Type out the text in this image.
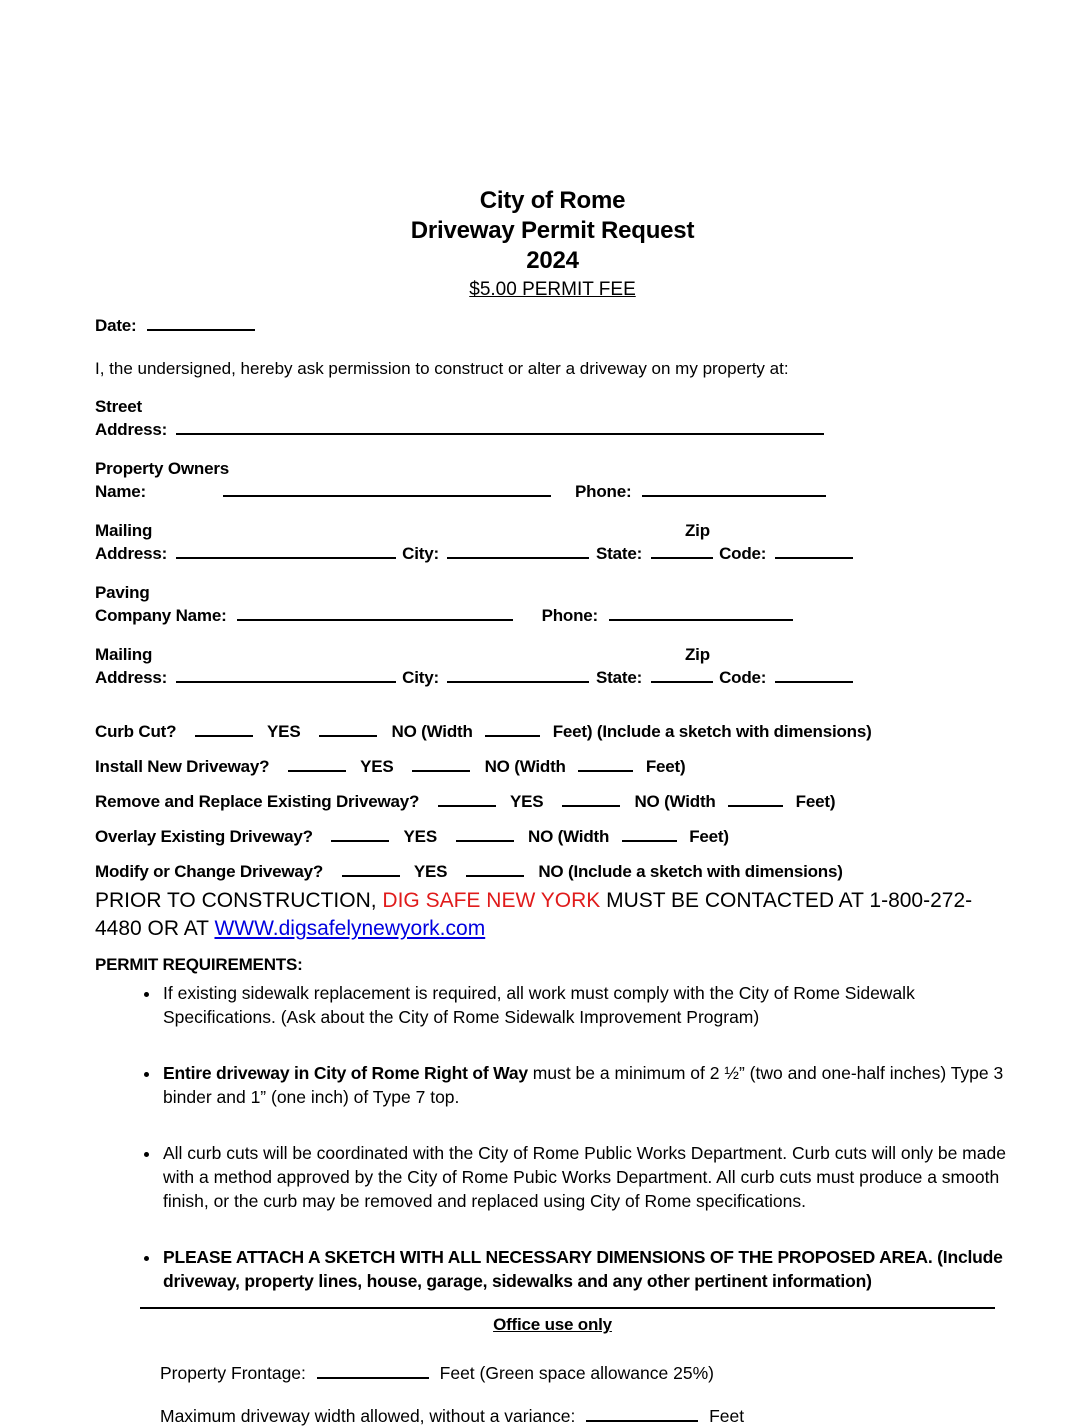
City of Rome
Driveway Permit Request
2024
$5.00 PERMIT FEE

Date:

I, the undersigned, hereby ask permission to construct or alter a driveway on my property at:

Street
Address:
Property Owners
Name:	Phone:
Mailing	Zip
Address:	City:	State:	Code:
Paving
Company Name:	Phone:
Mailing	Zip
Address:	City:	State:	Code:

Curb Cut?	YES	NO (Width	Feet) (Include a sketch with dimensions)

Install New Driveway?	YES	NO (Width	Feet)

Remove and Replace Existing Driveway?	YES	NO (Width	Feet)

Overlay Existing Driveway?	YES	NO (Width	Feet)

Modify or Change Driveway?	YES	NO (Include a sketch with dimensions)

PRIOR TO CONSTRUCTION, DIG SAFE NEW YORK MUST BE CONTACTED AT 1-800-272-4480 OR AT WWW.digsafelynewyork.com

PERMIT REQUIREMENTS:

• If existing sidewalk replacement is required, all work must comply with the City of Rome Sidewalk Specifications. (Ask about the City of Rome Sidewalk Improvement Program)
• Entire driveway in City of Rome Right of Way must be a minimum of 2 ½” (two and one-half inches) Type 3 binder and 1” (one inch) of Type 7 top.
• All curb cuts will be coordinated with the City of Rome Public Works Department. Curb cuts will only be made with a method approved by the City of Rome Pubic Works Department. All curb cuts must produce a smooth finish, or the curb may be removed and replaced using City of Rome specifications.
• PLEASE ATTACH A SKETCH WITH ALL NECESSARY DIMENSIONS OF THE PROPOSED AREA. (Include driveway, property lines, house, garage, sidewalks and any other pertinent information)
Office use only

Property Frontage:	Feet (Green space allowance 25%)

Maximum driveway width allowed, without a variance:	Feet
